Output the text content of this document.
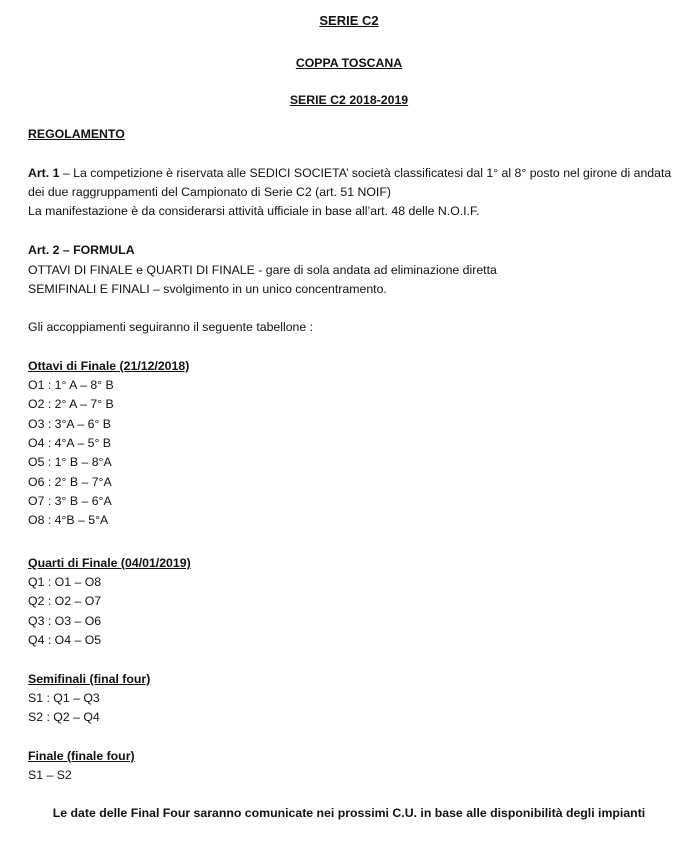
SERIE C2
COPPA TOSCANA
SERIE C2 2018-2019
REGOLAMENTO
Art. 1 – La competizione è riservata alle SEDICI SOCIETA’ società classificatesi dal 1° al 8° posto nel girone di andata
dei due raggruppamenti del Campionato di Serie C2 (art. 51 NOIF)
La manifestazione è da considerarsi attività ufficiale in base all’art. 48 delle N.O.I.F.
Art. 2 – FORMULA
OTTAVI DI FINALE e QUARTI DI FINALE - gare di sola andata ad eliminazione diretta
SEMIFINALI E FINALI – svolgimento in un unico concentramento.
Gli accoppiamenti seguiranno il seguente tabellone :
Ottavi di Finale (21/12/2018)
O1 : 1° A – 8° B
O2 : 2° A – 7° B
O3 : 3°A – 6° B
O4 : 4°A – 5° B
O5 : 1° B – 8°A
O6 : 2° B – 7°A
O7 : 3° B – 6°A
O8 : 4°B – 5°A
Quarti di Finale (04/01/2019)
Q1 : O1 – O8
Q2 : O2 – O7
Q3 : O3 – O6
Q4 : O4 – O5
Semifinali (final four)
S1 : Q1 – Q3
S2 : Q2 – Q4
Finale (finale four)
S1 – S2
Le date delle Final Four saranno comunicate nei prossimi C.U. in base alle disponibilità degli impianti
